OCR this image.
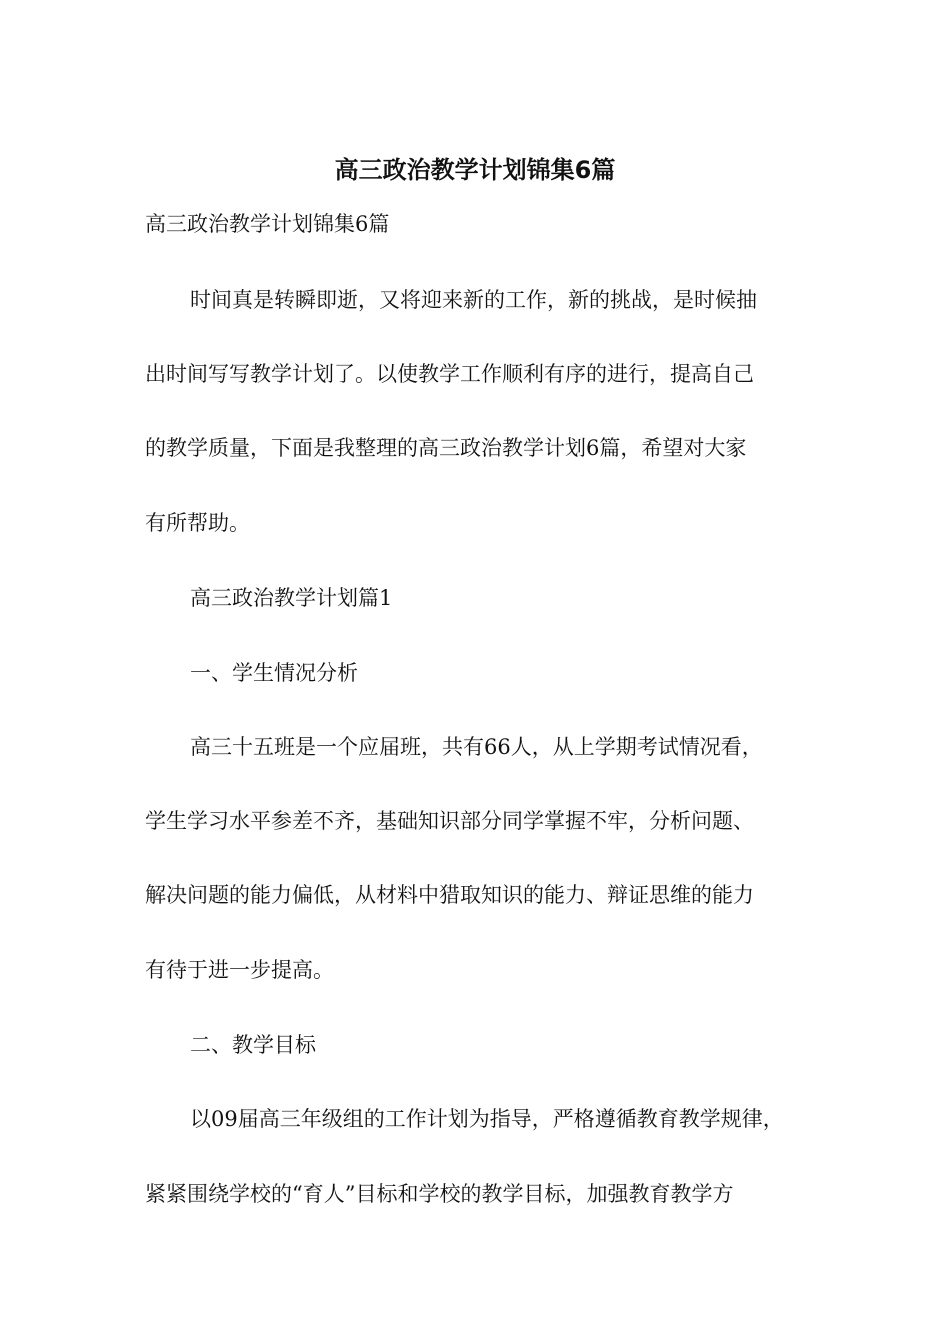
高三政治教学计划锦集6篇
高三政治教学计划锦集6篇
时间真是转瞬即逝，又将迎来新的工作，新的挑战，是时候抽
出时间写写教学计划了。以使教学工作顺利有序的进行，提高自己
的教学质量，下面是我整理的高三政治教学计划6篇，希望对大家
有所帮助。
高三政治教学计划篇1
一、学生情况分析
高三十五班是一个应届班，共有66人，从上学期考试情况看，
学生学习水平参差不齐，基础知识部分同学掌握不牢，分析问题、
解决问题的能力偏低，从材料中猎取知识的能力、辩证思维的能力
有待于进一步提高。
二、教学目标
以09届高三年级组的工作计划为指导，严格遵循教育教学规律，
紧紧围绕学校的“育人”目标和学校的教学目标，加强教育教学方
